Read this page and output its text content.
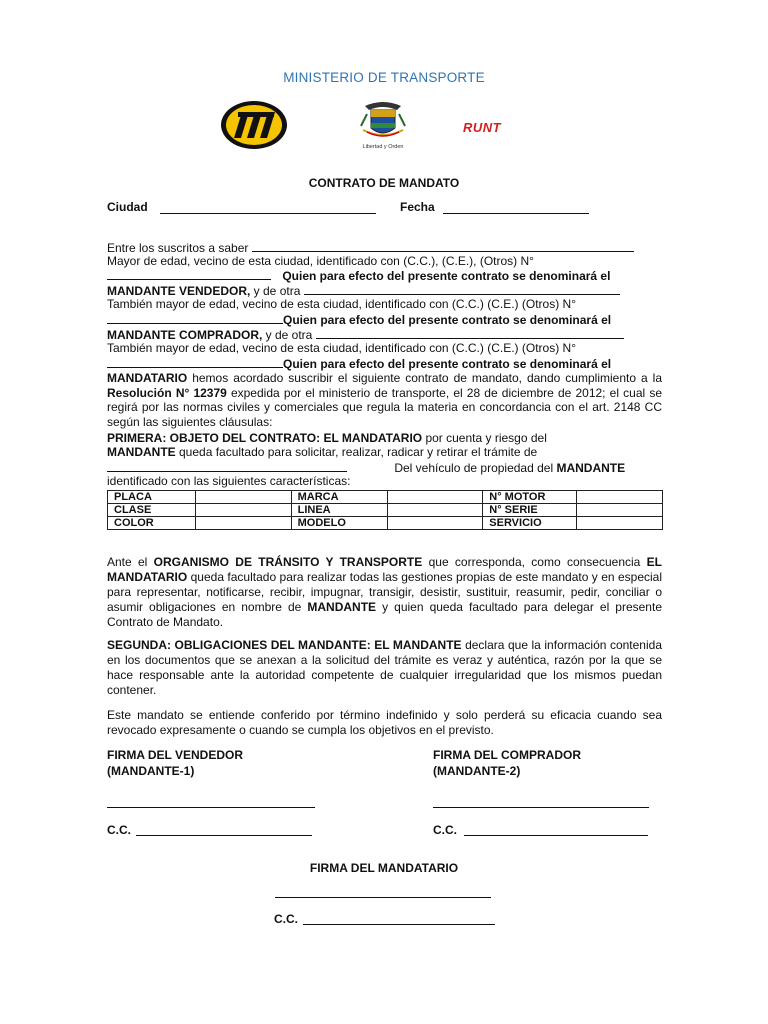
MINISTERIO DE TRANSPORTE
Libertad y Orden
RUNT
CONTRATO DE MANDATO
Ciudad	Fecha
Entre los suscritos a saber
Mayor de edad, vecino de esta ciudad, identificado con (C.C.), (C.E.), (Otros) N°
Quien para efecto del presente contrato se denominará el
MANDANTE VENDEDOR, y de otra
También mayor de edad, vecino de esta ciudad, identificado con (C.C.) (C.E.) (Otros) N°
Quien para efecto del presente contrato se denominará el
MANDANTE COMPRADOR, y de otra
También mayor de edad, vecino de esta ciudad, identificado con (C.C.) (C.E.) (Otros) N°
Quien para efecto del presente contrato se denominará el
MANDATARIO hemos acordado suscribir el siguiente contrato de mandato, dando cumplimiento a la Resolución N° 12379 expedida por el ministerio de transporte, el 28 de diciembre de 2012; el cual se regirá por las normas civiles y comerciales que regula la materia en concordancia con el art. 2148 CC según las siguientes cláusulas:
PRIMERA: OBJETO DEL CONTRATO: EL MANDATARIO por cuenta y riesgo del
MANDANTE queda facultado para solicitar, realizar, radicar y retirar el trámite de
Del vehículo de propiedad del MANDANTE
identificado con las siguientes características:
PLACA		MARCA		N° MOTOR	
CLASE		LINEA		N° SERIE	
COLOR		MODELO		SERVICIO	
Ante el ORGANISMO DE TRÁNSITO Y TRANSPORTE que corresponda, como consecuencia EL MANDATARIO queda facultado para realizar todas las gestiones propias de este mandato y en especial para representar, notificarse, recibir, impugnar, transigir, desistir, sustituir, reasumir, pedir, conciliar o asumir obligaciones en nombre de MANDANTE y quien queda facultado para delegar el presente Contrato de Mandato.
SEGUNDA: OBLIGACIONES DEL MANDANTE: EL MANDANTE declara que la información contenida en los documentos que se anexan a la solicitud del trámite es veraz y auténtica, razón por la que se hace responsable ante la autoridad competente de cualquier irregularidad que los mismos puedan contener.
Este mandato se entiende conferido por término indefinido y solo perderá su eficacia cuando sea revocado expresamente o cuando se cumpla los objetivos en el previsto.
FIRMA DEL VENDEDOR
(MANDANTE-1)
FIRMA DEL COMPRADOR
(MANDANTE-2)
C.C.	C.C.
FIRMA DEL MANDATARIO
C.C.
